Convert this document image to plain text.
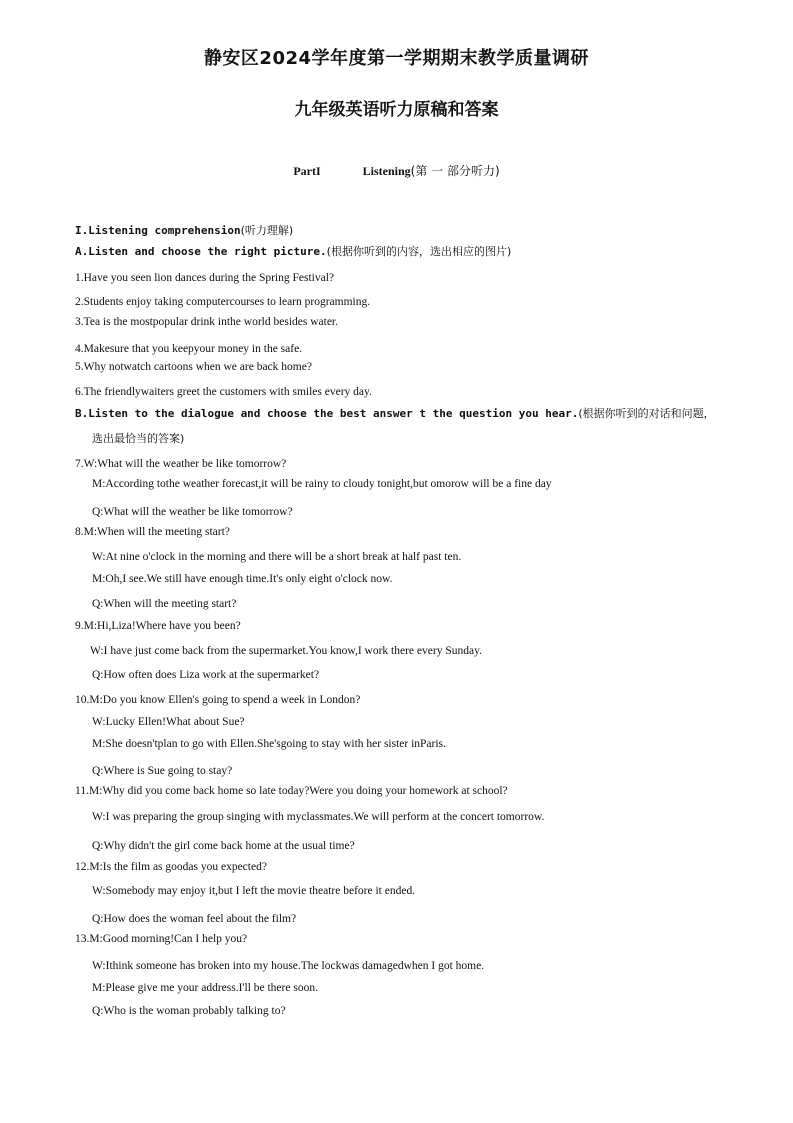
静安区2024学年度第一学期期末教学质量调研
九年级英语听力原稿和答案
PartI	Listening(第 一 部分听力)
I.Listening comprehension(听力理解)
A.Listen and choose the right picture.(根据你听到的内容，选出相应的图片)
1.Have you seen lion dances during the Spring Festival?
2.Students enjoy taking computercourses to learn programming.
3.Tea is the mostpopular drink inthe world besides water.
4.Makesure that you keepyour money in the safe.
5.Why notwatch cartoons when we are back home?
6.The friendlywaiters greet the customers with smiles every day.
B.Listen to the dialogue and choose the best answer t the question you hear.(根据你听到的对话和问题，
选出最恰当的答案)
7.W:What will the weather be like tomorrow?
M:According tothe weather forecast,it will be rainy to cloudy tonight,but omorow will be a fine day
Q:What will the weather be like tomorrow?
8.M:When will the meeting start?
W:At nine o'clock in the morning and there will be a short break at half past ten.
M:Oh,I see.We still have enough time.It's only eight o'clock now.
Q:When will the meeting start?
9.M:Hi,Liza!Where have you been?
W:I have just come back from the supermarket.You know,I work there every Sunday.
Q:How often does Liza work at the supermarket?
10.M:Do you know Ellen's going to spend a week in London?
W:Lucky Ellen!What about Sue?
M:She doesn'tplan to go with Ellen.She'sgoing to stay with her sister inParis.
Q:Where is Sue going to stay?
11.M:Why did you come back home so late today?Were you doing your homework at school?
W:I was preparing the group singing with myclassmates.We will perform at the concert tomorrow.
Q:Why didn't the girl come back home at the usual time?
12.M:Is the film as goodas you expected?
W:Somebody may enjoy it,but I left the movie theatre before it ended.
Q:How does the woman feel about the film?
13.M:Good morning!Can I help you?
W:Ithink someone has broken into my house.The lockwas damagedwhen I got home.
M:Please give me your address.I'll be there soon.
Q:Who is the woman probably talking to?
